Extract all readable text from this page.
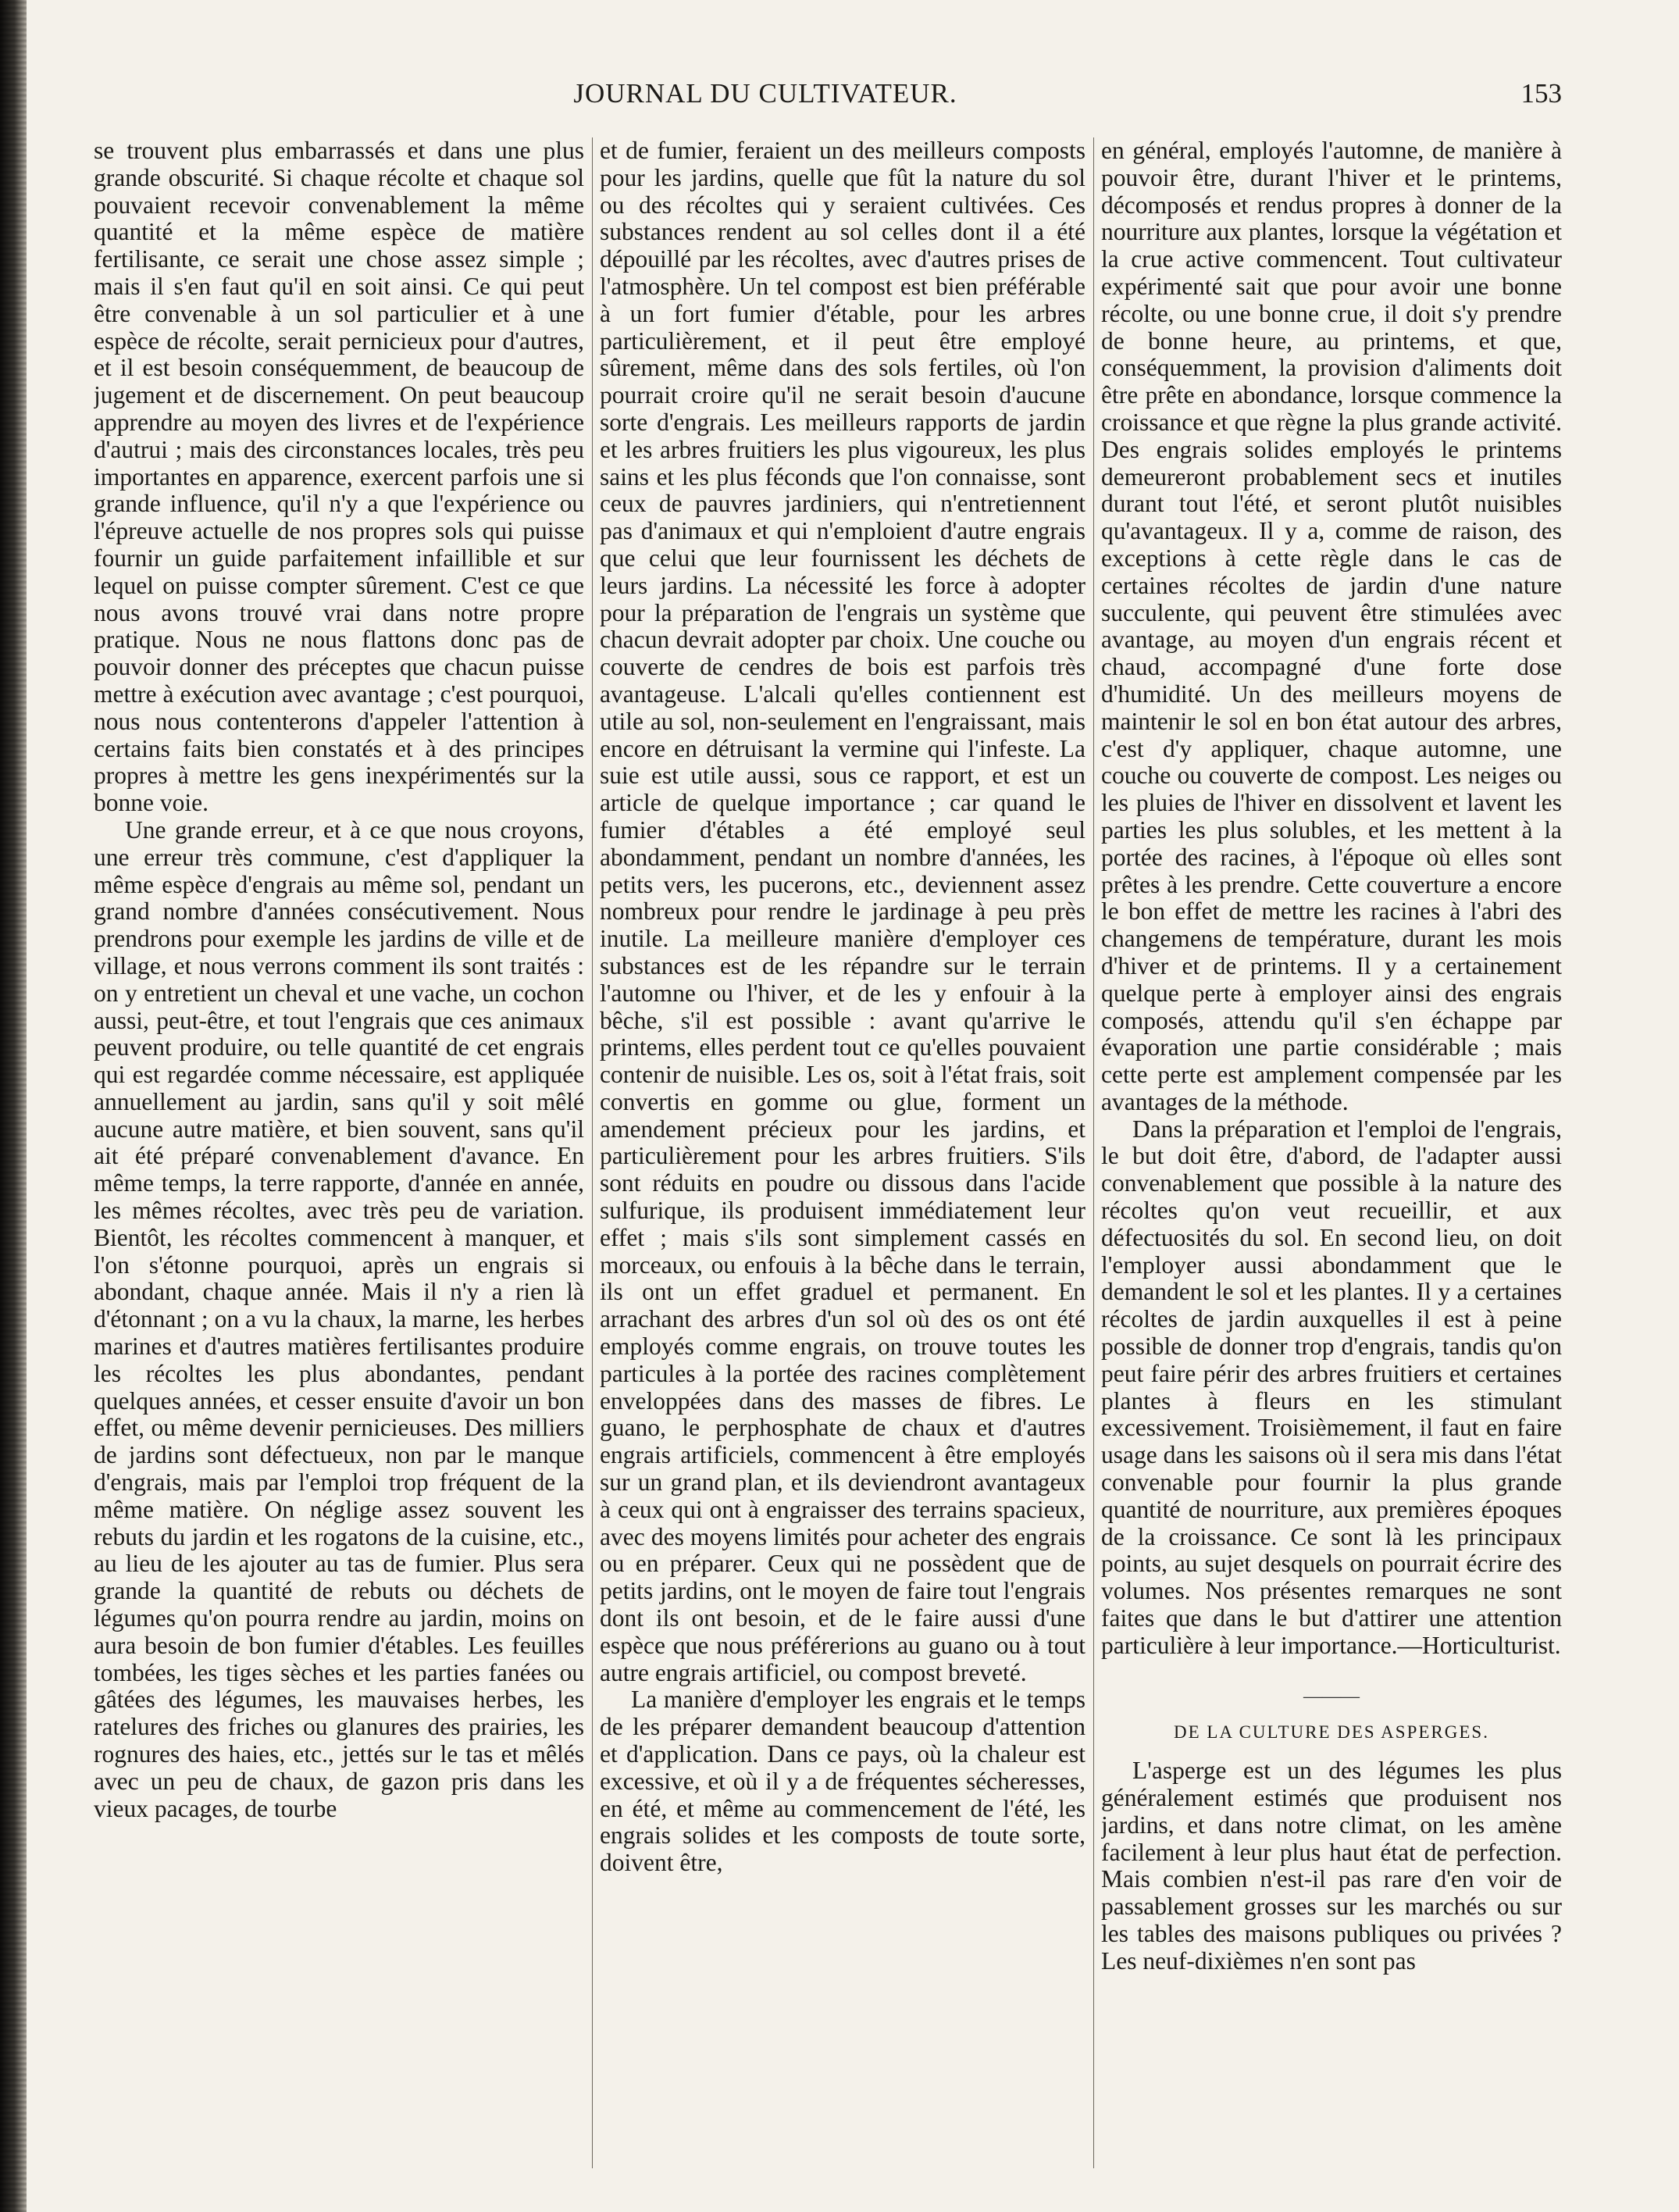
JOURNAL DU CULTIVATEUR.	153

se trouvent plus embarrassés et dans une plus grande obscurité. Si chaque récolte et chaque sol pouvaient recevoir convenablement la même quantité et la même espèce de matière fertilisante, ce serait une chose assez simple ; mais il s'en faut qu'il en soit ainsi. Ce qui peut être convenable à un sol particulier et à une espèce de récolte, serait pernicieux pour d'autres, et il est besoin conséquemment, de beaucoup de jugement et de discernement. On peut beaucoup apprendre au moyen des livres et de l'expérience d'autrui ; mais des circonstances locales, très peu importantes en apparence, exercent parfois une si grande influence, qu'il n'y a que l'expérience ou l'épreuve actuelle de nos propres sols qui puisse fournir un guide parfaitement infaillible et sur lequel on puisse compter sûrement. C'est ce que nous avons trouvé vrai dans notre propre pratique. Nous ne nous flattons donc pas de pouvoir donner des préceptes que chacun puisse mettre à exécution avec avantage ; c'est pourquoi, nous nous contenterons d'appeler l'attention à certains faits bien constatés et à des principes propres à mettre les gens inexpérimentés sur la bonne voie.

Une grande erreur, et à ce que nous croyons, une erreur très commune, c'est d'appliquer la même espèce d'engrais au même sol, pendant un grand nombre d'années consécutivement. Nous prendrons pour exemple les jardins de ville et de village, et nous verrons comment ils sont traités : on y entretient un cheval et une vache, un cochon aussi, peut-être, et tout l'engrais que ces animaux peuvent produire, ou telle quantité de cet engrais qui est regardée comme nécessaire, est appliquée annuellement au jardin, sans qu'il y soit mêlé aucune autre matière, et bien souvent, sans qu'il ait été préparé convenablement d'avance. En même temps, la terre rapporte, d'année en année, les mêmes récoltes, avec très peu de variation. Bientôt, les récoltes commencent à manquer, et l'on s'étonne pourquoi, après un engrais si abondant, chaque année. Mais il n'y a rien là d'étonnant ; on a vu la chaux, la marne, les herbes marines et d'autres matières fertilisantes produire les récoltes les plus abondantes, pendant quelques années, et cesser ensuite d'avoir un bon effet, ou même devenir pernicieuses. Des milliers de jardins sont défectueux, non par le manque d'engrais, mais par l'emploi trop fréquent de la même matière. On néglige assez souvent les rebuts du jardin et les rogatons de la cuisine, etc., au lieu de les ajouter au tas de fumier. Plus sera grande la quantité de rebuts ou déchets de légumes qu'on pourra rendre au jardin, moins on aura besoin de bon fumier d'étables. Les feuilles tombées, les tiges sèches et les parties fanées ou gâtées des légumes, les mauvaises herbes, les ratelures des friches ou glanures des prairies, les rognures des haies, etc., jettés sur le tas et mêlés avec un peu de chaux, de gazon pris dans les vieux pacages, de tourbe

et de fumier, feraient un des meilleurs composts pour les jardins, quelle que fût la nature du sol ou des récoltes qui y seraient cultivées. Ces substances rendent au sol celles dont il a été dépouillé par les récoltes, avec d'autres prises de l'atmosphère. Un tel compost est bien préférable à un fort fumier d'étable, pour les arbres particulièrement, et il peut être employé sûrement, même dans des sols fertiles, où l'on pourrait croire qu'il ne serait besoin d'aucune sorte d'engrais. Les meilleurs rapports de jardin et les arbres fruitiers les plus vigoureux, les plus sains et les plus féconds que l'on connaisse, sont ceux de pauvres jardiniers, qui n'entretiennent pas d'animaux et qui n'emploient d'autre engrais que celui que leur fournissent les déchets de leurs jardins. La nécessité les force à adopter pour la préparation de l'engrais un système que chacun devrait adopter par choix. Une couche ou couverte de cendres de bois est parfois très avantageuse. L'alcali qu'elles contiennent est utile au sol, non-seulement en l'engraissant, mais encore en détruisant la vermine qui l'infeste. La suie est utile aussi, sous ce rapport, et est un article de quelque importance ; car quand le fumier d'étables a été employé seul abondamment, pendant un nombre d'années, les petits vers, les pucerons, etc., deviennent assez nombreux pour rendre le jardinage à peu près inutile. La meilleure manière d'employer ces substances est de les répandre sur le terrain l'automne ou l'hiver, et de les y enfouir à la bêche, s'il est possible : avant qu'arrive le printems, elles perdent tout ce qu'elles pouvaient contenir de nuisible. Les os, soit à l'état frais, soit convertis en gomme ou glue, forment un amendement précieux pour les jardins, et particulièrement pour les arbres fruitiers. S'ils sont réduits en poudre ou dissous dans l'acide sulfurique, ils produisent immédiatement leur effet ; mais s'ils sont simplement cassés en morceaux, ou enfouis à la bêche dans le terrain, ils ont un effet graduel et permanent. En arrachant des arbres d'un sol où des os ont été employés comme engrais, on trouve toutes les particules à la portée des racines complètement enveloppées dans des masses de fibres. Le guano, le perphosphate de chaux et d'autres engrais artificiels, commencent à être employés sur un grand plan, et ils deviendront avantageux à ceux qui ont à engraisser des terrains spacieux, avec des moyens limités pour acheter des engrais ou en préparer. Ceux qui ne possèdent que de petits jardins, ont le moyen de faire tout l'engrais dont ils ont besoin, et de le faire aussi d'une espèce que nous préférerions au guano ou à tout autre engrais artificiel, ou compost breveté.

La manière d'employer les engrais et le temps de les préparer demandent beaucoup d'attention et d'application. Dans ce pays, où la chaleur est excessive, et où il y a de fréquentes sécheresses, en été, et même au commencement de l'été, les engrais solides et les composts de toute sorte, doivent être,

en général, employés l'automne, de manière à pouvoir être, durant l'hiver et le printems, décomposés et rendus propres à donner de la nourriture aux plantes, lorsque la végétation et la crue active commencent. Tout cultivateur expérimenté sait que pour avoir une bonne récolte, ou une bonne crue, il doit s'y prendre de bonne heure, au printems, et que, conséquemment, la provision d'aliments doit être prête en abondance, lorsque commence la croissance et que règne la plus grande activité. Des engrais solides employés le printems demeureront probablement secs et inutiles durant tout l'été, et seront plutôt nuisibles qu'avantageux. Il y a, comme de raison, des exceptions à cette règle dans le cas de certaines récoltes de jardin d'une nature succulente, qui peuvent être stimulées avec avantage, au moyen d'un engrais récent et chaud, accompagné d'une forte dose d'humidité. Un des meilleurs moyens de maintenir le sol en bon état autour des arbres, c'est d'y appliquer, chaque automne, une couche ou couverte de compost. Les neiges ou les pluies de l'hiver en dissolvent et lavent les parties les plus solubles, et les mettent à la portée des racines, à l'époque où elles sont prêtes à les prendre. Cette couverture a encore le bon effet de mettre les racines à l'abri des changemens de température, durant les mois d'hiver et de printems. Il y a certainement quelque perte à employer ainsi des engrais composés, attendu qu'il s'en échappe par évaporation une partie considérable ; mais cette perte est amplement compensée par les avantages de la méthode.

Dans la préparation et l'emploi de l'engrais, le but doit être, d'abord, de l'adapter aussi convenablement que possible à la nature des récoltes qu'on veut recueillir, et aux défectuosités du sol. En second lieu, on doit l'employer aussi abondamment que le demandent le sol et les plantes. Il y a certaines récoltes de jardin auxquelles il est à peine possible de donner trop d'engrais, tandis qu'on peut faire périr des arbres fruitiers et certaines plantes à fleurs en les stimulant excessivement. Troisièmement, il faut en faire usage dans les saisons où il sera mis dans l'état convenable pour fournir la plus grande quantité de nourriture, aux premières époques de la croissance. Ce sont là les principaux points, au sujet desquels on pourrait écrire des volumes. Nos présentes remarques ne sont faites que dans le but d'attirer une attention particulière à leur importance.—Horticulturist.

———
DE LA CULTURE DES ASPERGES.

L'asperge est un des légumes les plus généralement estimés que produisent nos jardins, et dans notre climat, on les amène facilement à leur plus haut état de perfection. Mais combien n'est-il pas rare d'en voir de passablement grosses sur les marchés ou sur les tables des maisons publiques ou privées ? Les neuf-dixièmes n'en sont pas
